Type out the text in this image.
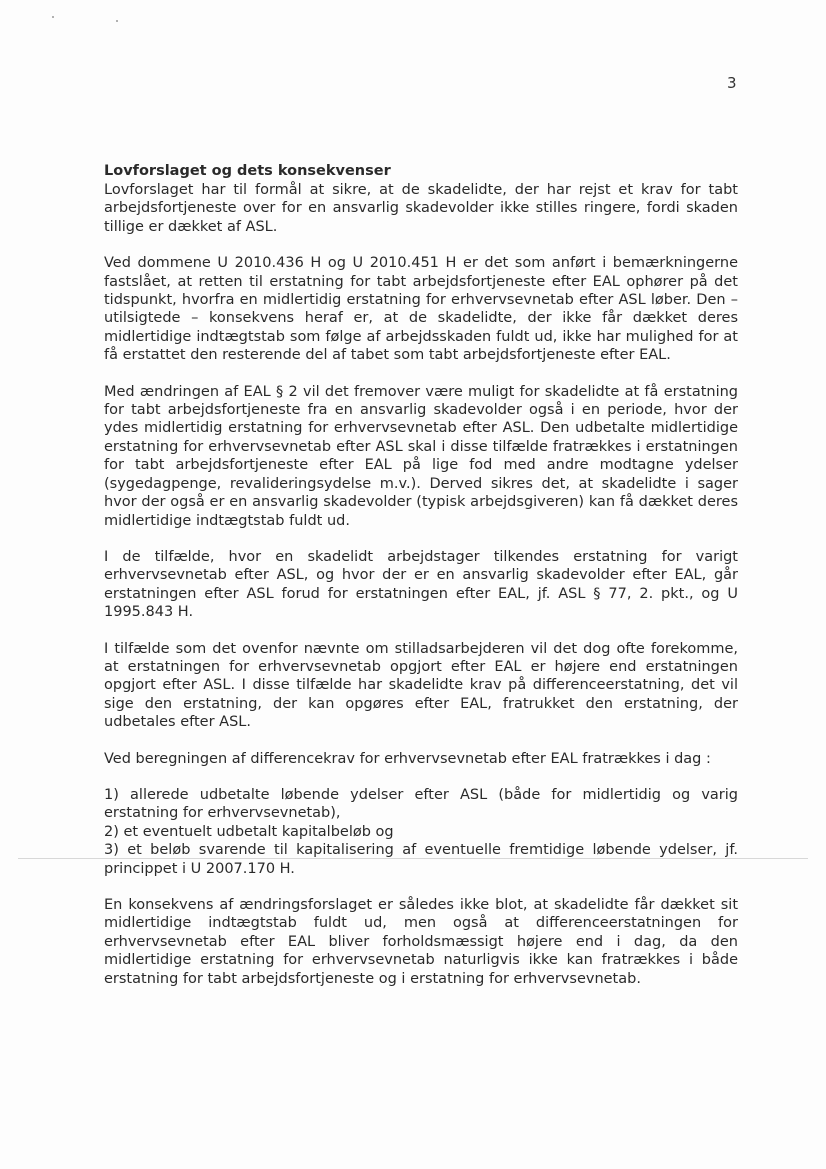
3

Lovforslaget og dets konsekvenser

Lovforslaget har til formål at sikre, at de skadelidte, der har rejst et krav for tabt arbejdsfortjeneste over for en ansvarlig skadevolder ikke stilles ringere, fordi skaden tillige er dækket af ASL.

Ved dommene U 2010.436 H og U 2010.451 H er det som anført i bemærkningerne fastslået, at retten til erstatning for tabt arbejdsfortjeneste efter EAL ophører på det tidspunkt, hvorfra en midlertidig erstatning for erhvervsevnetab efter ASL løber. Den – utilsigtede – konsekvens heraf er, at de skadelidte, der ikke får dækket deres midlertidige indtægtstab som følge af arbejdsskaden fuldt ud, ikke har mulighed for at få erstattet den resterende del af tabet som tabt arbejdsfortjeneste efter EAL.

Med ændringen af EAL § 2 vil det fremover være muligt for skadelidte at få erstatning for tabt arbejdsfortjeneste fra en ansvarlig skadevolder også i en periode, hvor der ydes midlertidig erstatning for erhvervsevnetab efter ASL. Den udbetalte midlertidige erstatning for erhvervsevnetab efter ASL skal i disse tilfælde fratrækkes i erstatningen for tabt arbejdsfortjeneste efter EAL på lige fod med andre modtagne ydelser (sygedagpenge, revalideringsydelse m.v.). Derved sikres det, at skadelidte i sager hvor der også er en ansvarlig skadevolder (typisk arbejdsgiveren) kan få dækket deres midlertidige indtægtstab fuldt ud.

I de tilfælde, hvor en skadelidt arbejdstager tilkendes erstatning for varigt erhvervsevnetab efter ASL, og hvor der er en ansvarlig skadevolder efter EAL, går erstatningen efter ASL forud for erstatningen efter EAL, jf. ASL § 77, 2. pkt., og U 1995.843 H.

I tilfælde som det ovenfor nævnte om stilladsarbejderen vil det dog ofte forekomme, at erstatningen for erhvervsevnetab opgjort efter EAL er højere end erstatningen opgjort efter ASL. I disse tilfælde har skadelidte krav på differenceerstatning, det vil sige den erstatning, der kan opgøres efter EAL, fratrukket den erstatning, der udbetales efter ASL.

Ved beregningen af differencekrav for erhvervsevnetab efter EAL fratrækkes i dag :

1) allerede udbetalte løbende ydelser efter ASL (både for midlertidig og varig erstatning for erhvervsevnetab),

2) et eventuelt udbetalt kapitalbeløb og

3) et beløb svarende til kapitalisering af eventuelle fremtidige løbende ydelser, jf. princippet i U 2007.170 H.

En konsekvens af ændringsforslaget er således ikke blot, at skadelidte får dækket sit midlertidige indtægtstab fuldt ud, men også at differenceerstatningen for erhvervsevnetab efter EAL bliver forholdsmæssigt højere end i dag, da den midlertidige erstatning for erhvervsevnetab naturligvis ikke kan fratrækkes i både erstatning for tabt arbejdsfortjeneste og i erstatning for erhvervsevnetab.
